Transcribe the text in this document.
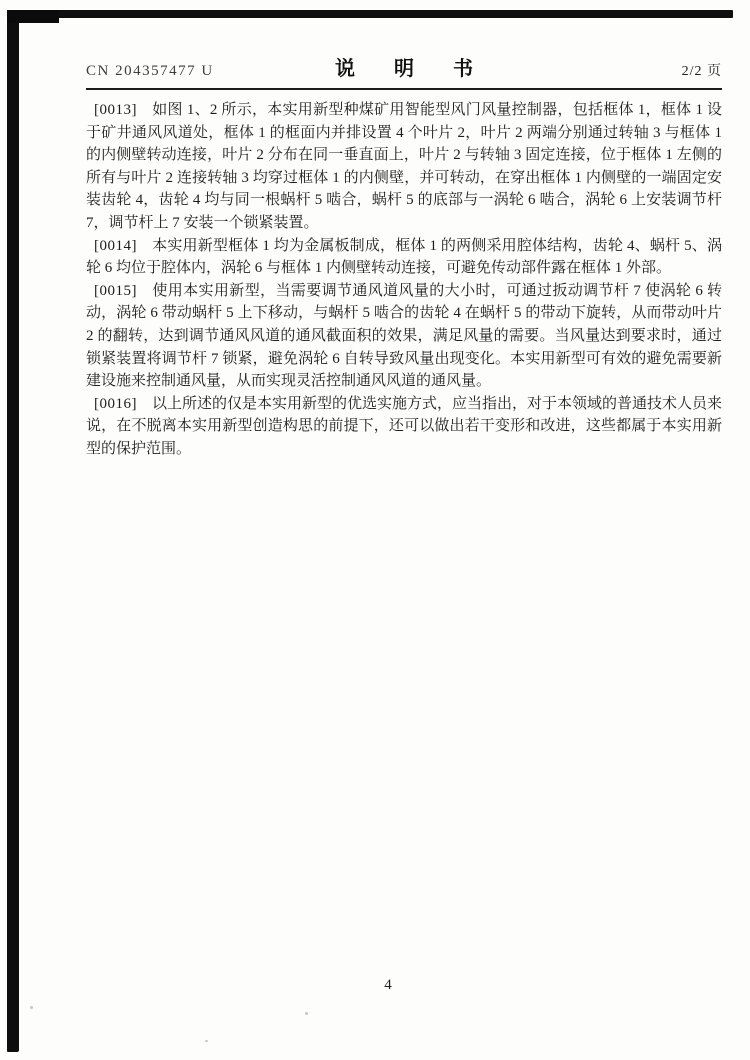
CN 204357477 U	说 明 书	2/2 页

[0013] 如图 1、2 所示，本实用新型种煤矿用智能型风门风量控制器，包括框体 1，框体 1 设于矿井通风风道处，框体 1 的框面内并排设置 4 个叶片 2，叶片 2 两端分别通过转轴 3 与框体 1 的内侧壁转动连接，叶片 2 分布在同一垂直面上，叶片 2 与转轴 3 固定连接，位于框体 1 左侧的所有与叶片 2 连接转轴 3 均穿过框体 1 的内侧壁，并可转动，在穿出框体 1 内侧壁的一端固定安装齿轮 4，齿轮 4 均与同一根蜗杆 5 啮合，蜗杆 5 的底部与一涡轮 6 啮合，涡轮 6 上安装调节杆 7，调节杆上 7 安装一个锁紧装置。

[0014] 本实用新型框体 1 均为金属板制成，框体 1 的两侧采用腔体结构，齿轮 4、蜗杆 5、涡轮 6 均位于腔体内，涡轮 6 与框体 1 内侧壁转动连接，可避免传动部件露在框体 1 外部。

[0015] 使用本实用新型，当需要调节通风道风量的大小时，可通过扳动调节杆 7 使涡轮 6 转动，涡轮 6 带动蜗杆 5 上下移动，与蜗杆 5 啮合的齿轮 4 在蜗杆 5 的带动下旋转，从而带动叶片 2 的翻转，达到调节通风风道的通风截面积的效果，满足风量的需要。当风量达到要求时，通过锁紧装置将调节杆 7 锁紧，避免涡轮 6 自转导致风量出现变化。本实用新型可有效的避免需要新建设施来控制通风量，从而实现灵活控制通风风道的通风量。

[0016] 以上所述的仅是本实用新型的优选实施方式，应当指出，对于本领域的普通技术人员来说，在不脱离本实用新型创造构思的前提下，还可以做出若干变形和改进，这些都属于本实用新型的保护范围。

4
